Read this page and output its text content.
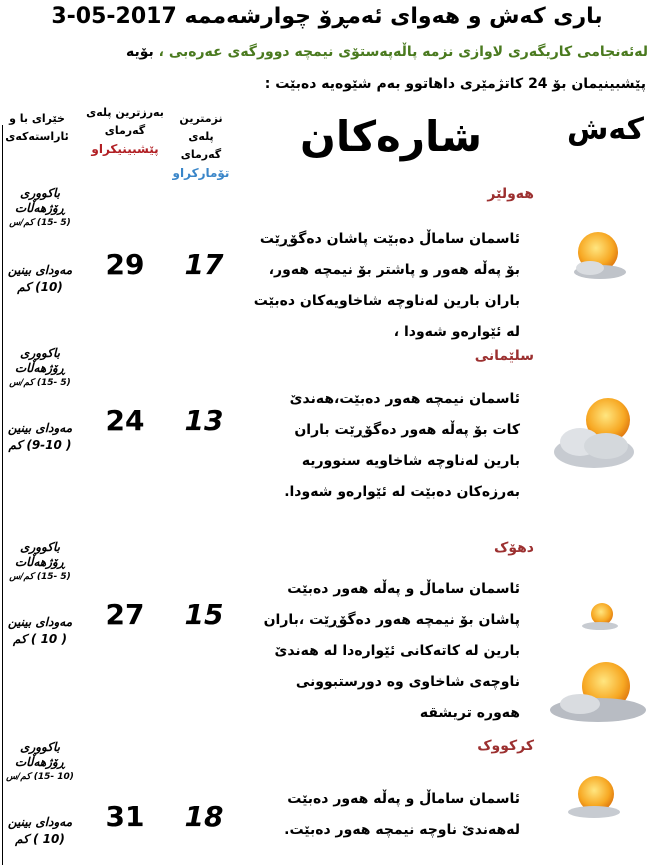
باری کەش و هەوای ئەمڕۆ چوارشەممە 2017-05-3
لەئەنجامی کاریگەری لاوازی نزمە پاڵەپەستۆی نیمچە دوورگەی عەرەبی ، بۆیە
پێشبینیمان بۆ 24 کاتژمێری داهاتوو بەم شێوەیە دەبێت :
کەش
شارەکان
نزمترین پلەی گەرمای
تۆمارکراو
بەرزترین پلەی گەرمای
پێشبینیکراو
خێرای با و ئاراستەکەی
هەولێر
ئاسمان ساماڵ دەبێت پاشان دەگۆڕێت
بۆ پەڵە هەور و پاشتر بۆ نیمچە هەور،
باران بارین لەناوچە شاخاویەکان دەبێت
لە ئێوارەو شەودا ،
17
29
باکووری
ڕۆژهەڵات
(5 -15) کم/س
مەودای بینین
(10) کم
سلێمانی
ئاسمان نیمچە هەور دەبێت،هەندێ
کات بۆ پەڵە هەور دەگۆڕێت باران
بارین لەناوچە شاخاویە سنووریە
بەرزەکان دەبێت لە ئێوارەو شەودا.
13
24
باکووری
ڕۆژهەڵات
(5 -15) کم/س
مەودای بینین
( 9-10) کم
دهۆک
ئاسمان ساماڵ و پەڵە هەور دەبێت
پاشان بۆ نیمچە هەور دەگۆڕێت ،باران
بارین لە کاتەکانی ئێوارەدا لە هەندێ
ناوچەی شاخاوی وە دورستبوونی
هەورە تریشقە
15
27
باکووری
ڕۆژهەڵات
(5 -15) کم/س
مەودای بینین
( 10 ) کم
کرکووک
ئاسمان ساماڵ و پەڵە هەور دەبێت
لەهەندێ ناوچە نیمچە هەور دەبێت.
18
31
باکووری
ڕۆژهەڵات
(10 -15) کم/س
مەودای بینین
(10 ) کم
